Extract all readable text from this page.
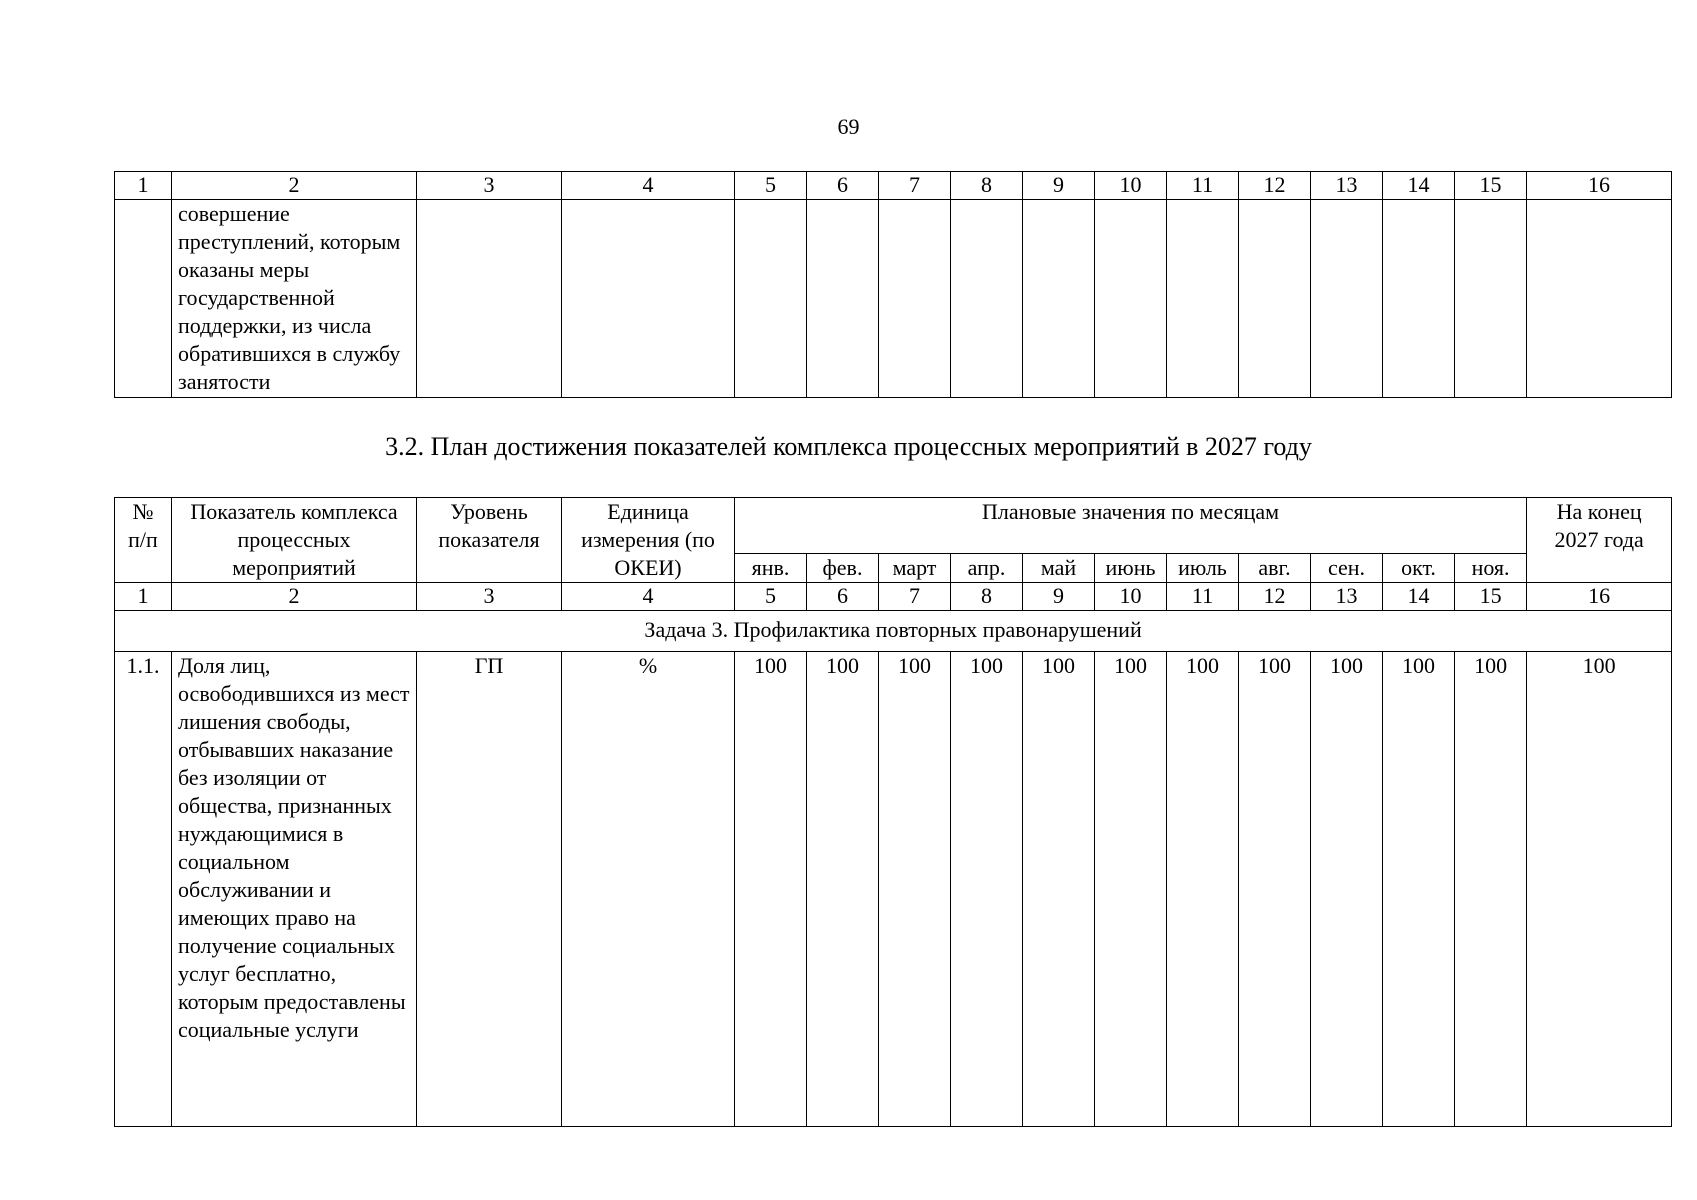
69
1	2	3	4	5	6	7	8	9	10	11	12	13	14	15	16
	совершение преступлений, которым оказаны меры государственной поддержки, из числа обратившихся в службу занятости														
3.2. План достижения показателей комплекса процессных мероприятий в 2027 году
№ п/п	Показатель комплекса процессных мероприятий	Уровень показателя	Единица измерения (по ОКЕИ)	Плановые значения по месяцам											На конец 2027 года
				янв.	фев.	март	апр.	май	июнь	июль	авг.	сен.	окт.	ноя.	
1	2	3	4	5	6	7	8	9	10	11	12	13	14	15	16
Задача 3. Профилактика повторных правонарушений															
1.1.	Доля лиц, освободившихся из мест лишения свободы, отбывавших наказание без изоляции от общества, признанных нуждающимися в социальном обслуживании и имеющих право на получение социальных услуг бесплатно, которым предоставлены социальные услуги	ГП	%	100	100	100	100	100	100	100	100	100	100	100	100
